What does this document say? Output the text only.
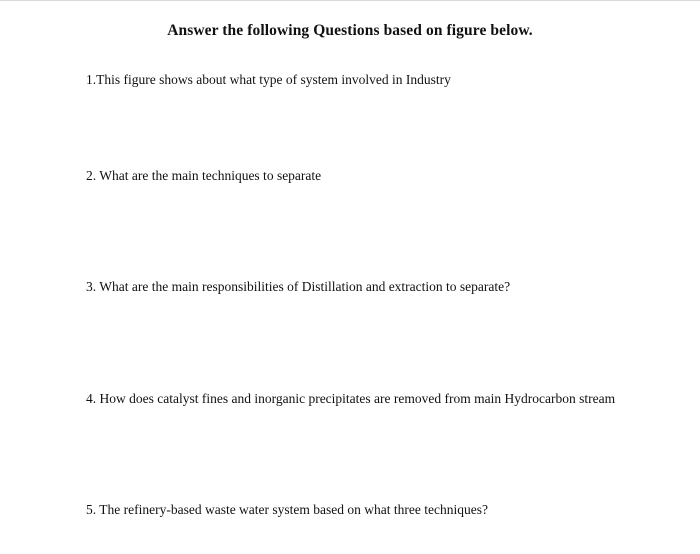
Answer the following Questions based on figure below.
1.This figure shows about what type of system involved in Industry
2. What are the main techniques to separate
3. What are the main responsibilities of Distillation and extraction to separate?
4. How does catalyst fines and inorganic precipitates are removed from main Hydrocarbon stream
5. The refinery-based waste water system based on what three techniques?
